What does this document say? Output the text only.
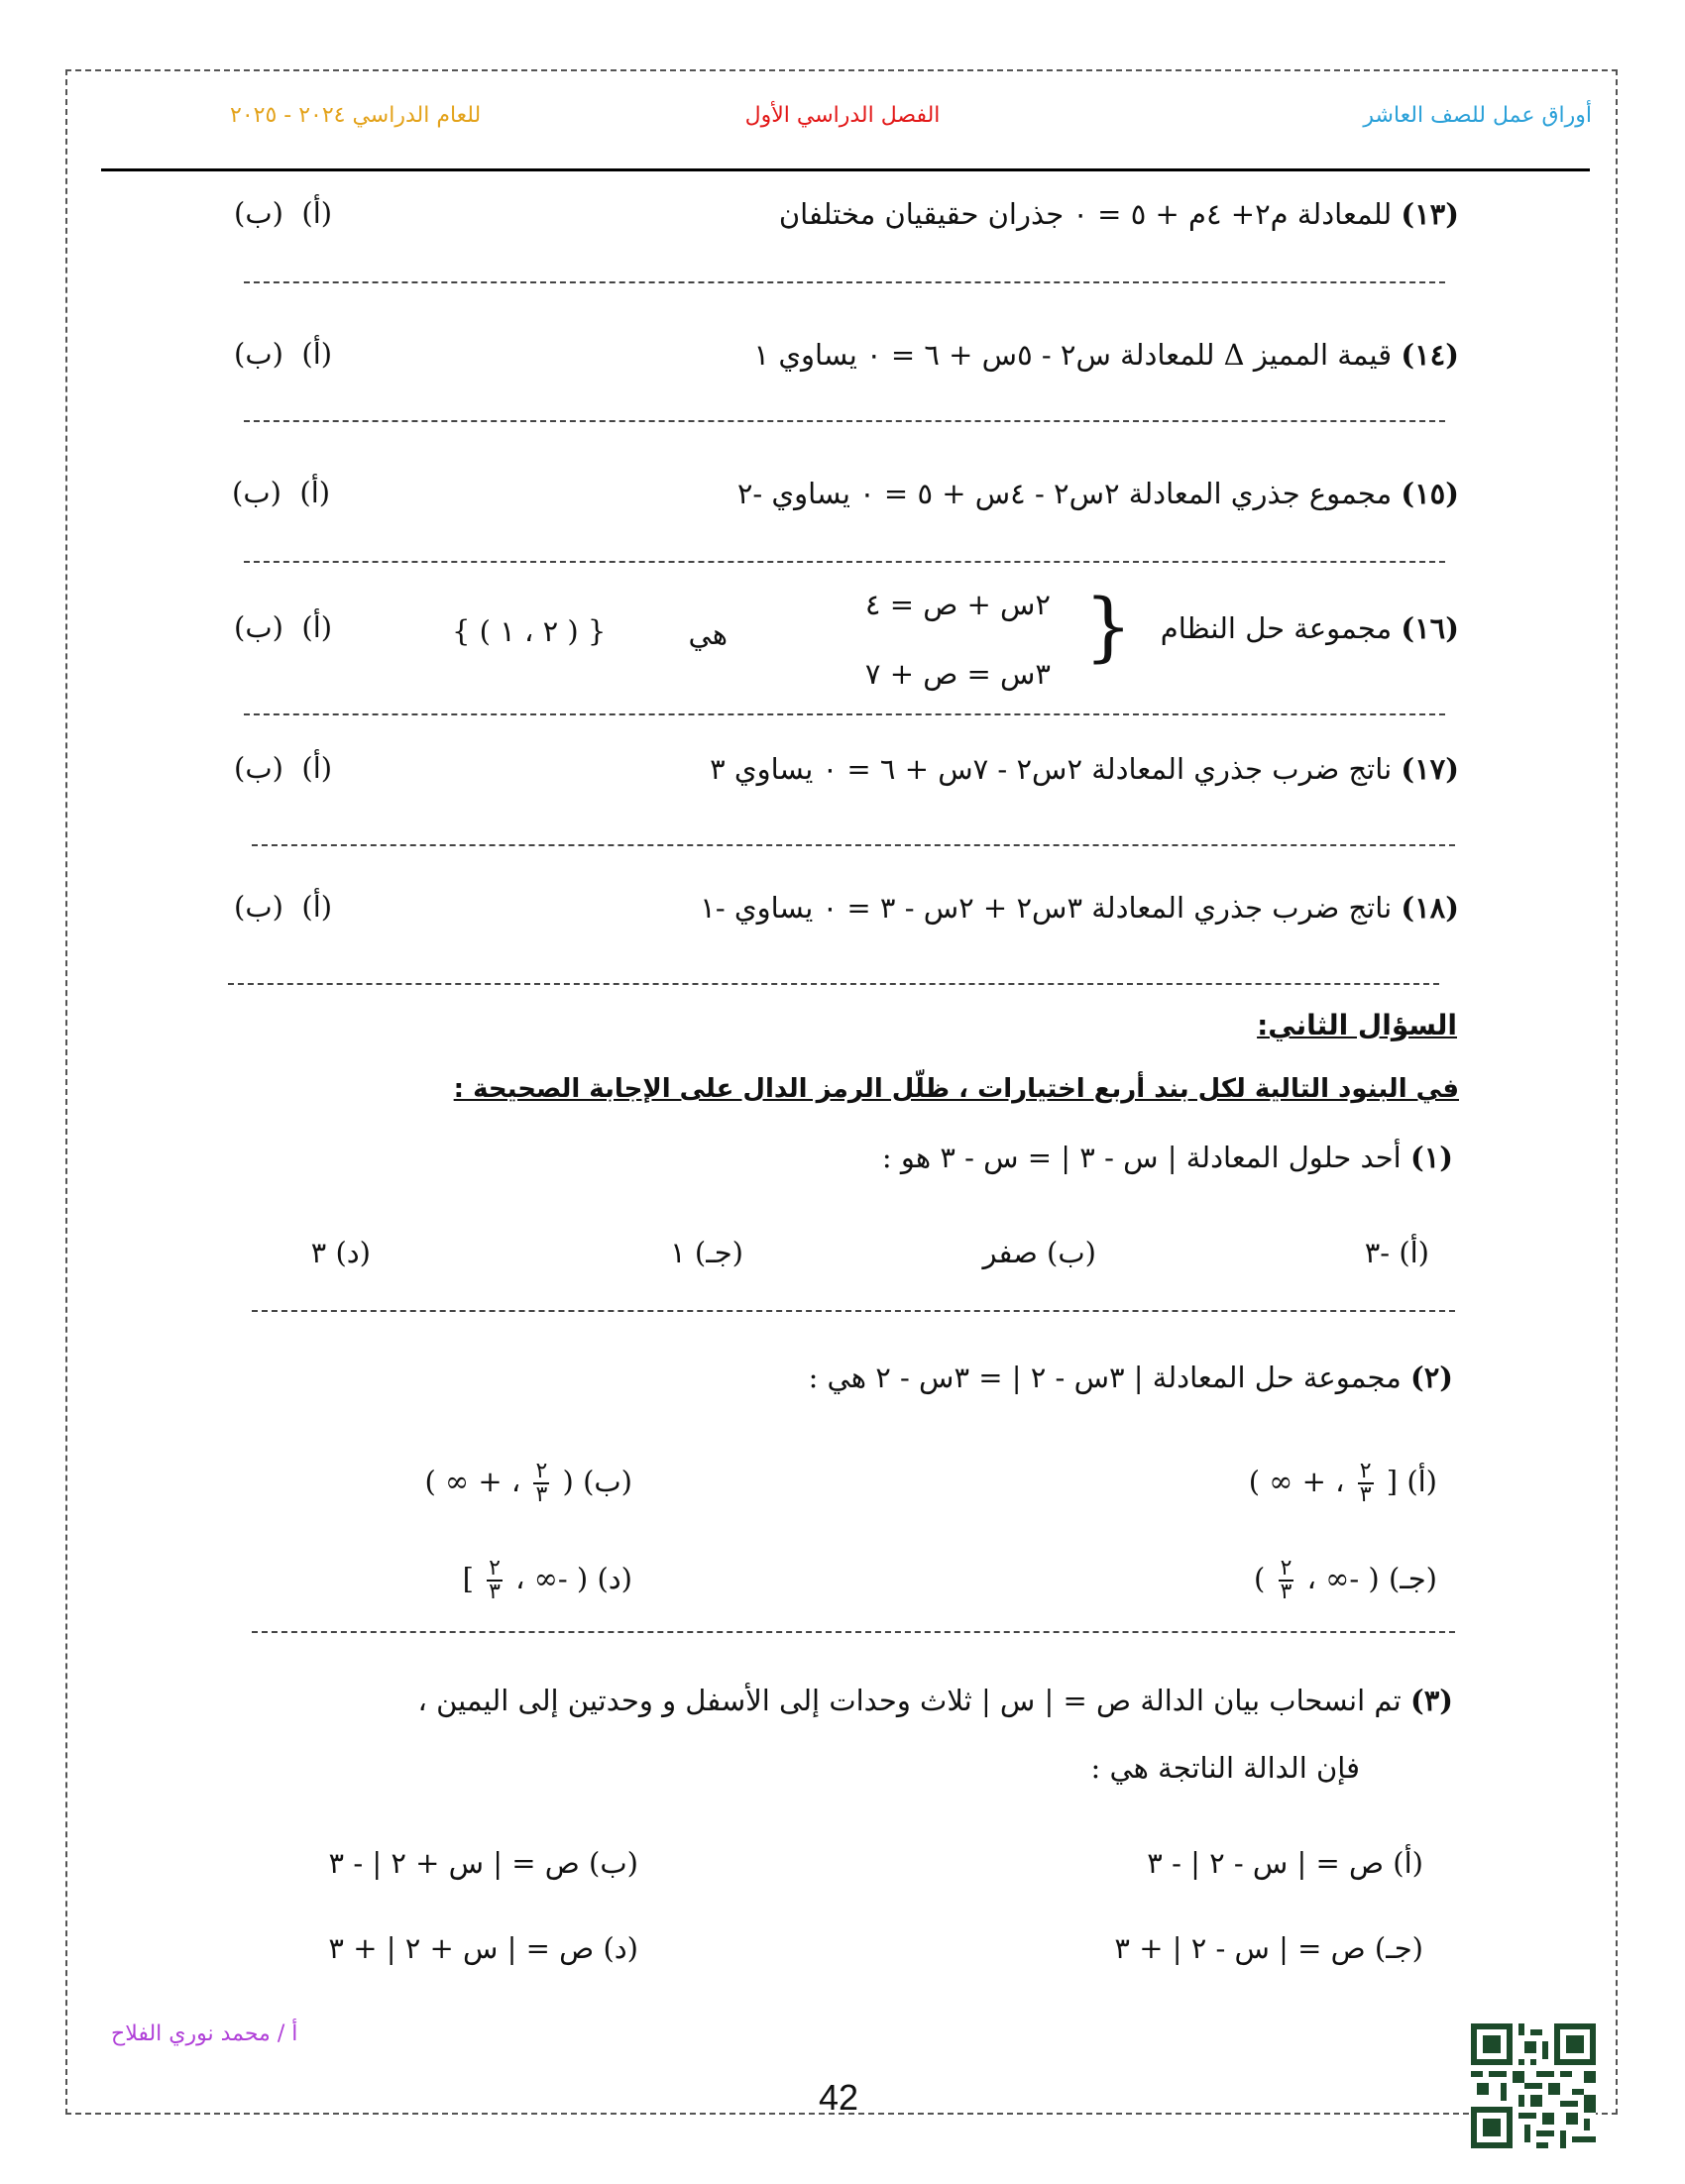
أوراق عمل للصف العاشر
الفصل الدراسي الأول
للعام الدراسي ٢٠٢٤ - ٢٠٢٥
(١٣) للمعادلة م٢+ ٤م + ٥ = ٠ جذران حقيقيان مختلفان
(ب) (أ)
(١٤) قيمة المميز Δ للمعادلة س٢ - ٥س + ٦ = ٠ يساوي ١
(ب) (أ)
(١٥) مجموع جذري المعادلة ٢س٢ - ٤س + ٥ = ٠ يساوي -٢
(ب) (أ)
(١٦) مجموعة حل النظام
}
٢س + ص = ٤
٣س = ص + ٧
هي
{ ( ٢ ، ١ ) }
(ب) (أ)
(١٧) ناتج ضرب جذري المعادلة ٢س٢ - ٧س + ٦ = ٠ يساوي ٣
(ب) (أ)
(١٨) ناتج ضرب جذري المعادلة ٣س٢ + ٢س - ٣ = ٠ يساوي -١
(ب) (أ)
السؤال الثاني:
في البنود التالية لكل بند أربع اختيارات ، ظلّل الرمز الدال على الإجابة الصحيحة :
(١) أحد حلول المعادلة | س - ٣ | = س - ٣ هو :
(أ) -٣
(ب) صفر
(جـ) ١
(د) ٣
(٢) مجموعة حل المعادلة | ٣س - ٢ | = ٣س - ٢ هي :
(أ) [
$\frac{٢}{٣}$
، + ∞ )
(ب) (
$\frac{٢}{٣}$
، + ∞ )
(جـ) ( -∞ ،
$\frac{٢}{٣}$
)
(د) ( -∞ ،
$\frac{٢}{٣}$
]
(٣) تم انسحاب بيان الدالة ص = | س | ثلاث وحدات إلى الأسفل و وحدتين إلى اليمين ،
فإن الدالة الناتجة هي :
(أ) ص = | س - ٢ | - ٣
(ب) ص = | س + ٢ | - ٣
(جـ) ص = | س - ٢ | + ٣
(د) ص = | س + ٢ | + ٣
أ / محمد نوري الفلاح
42
